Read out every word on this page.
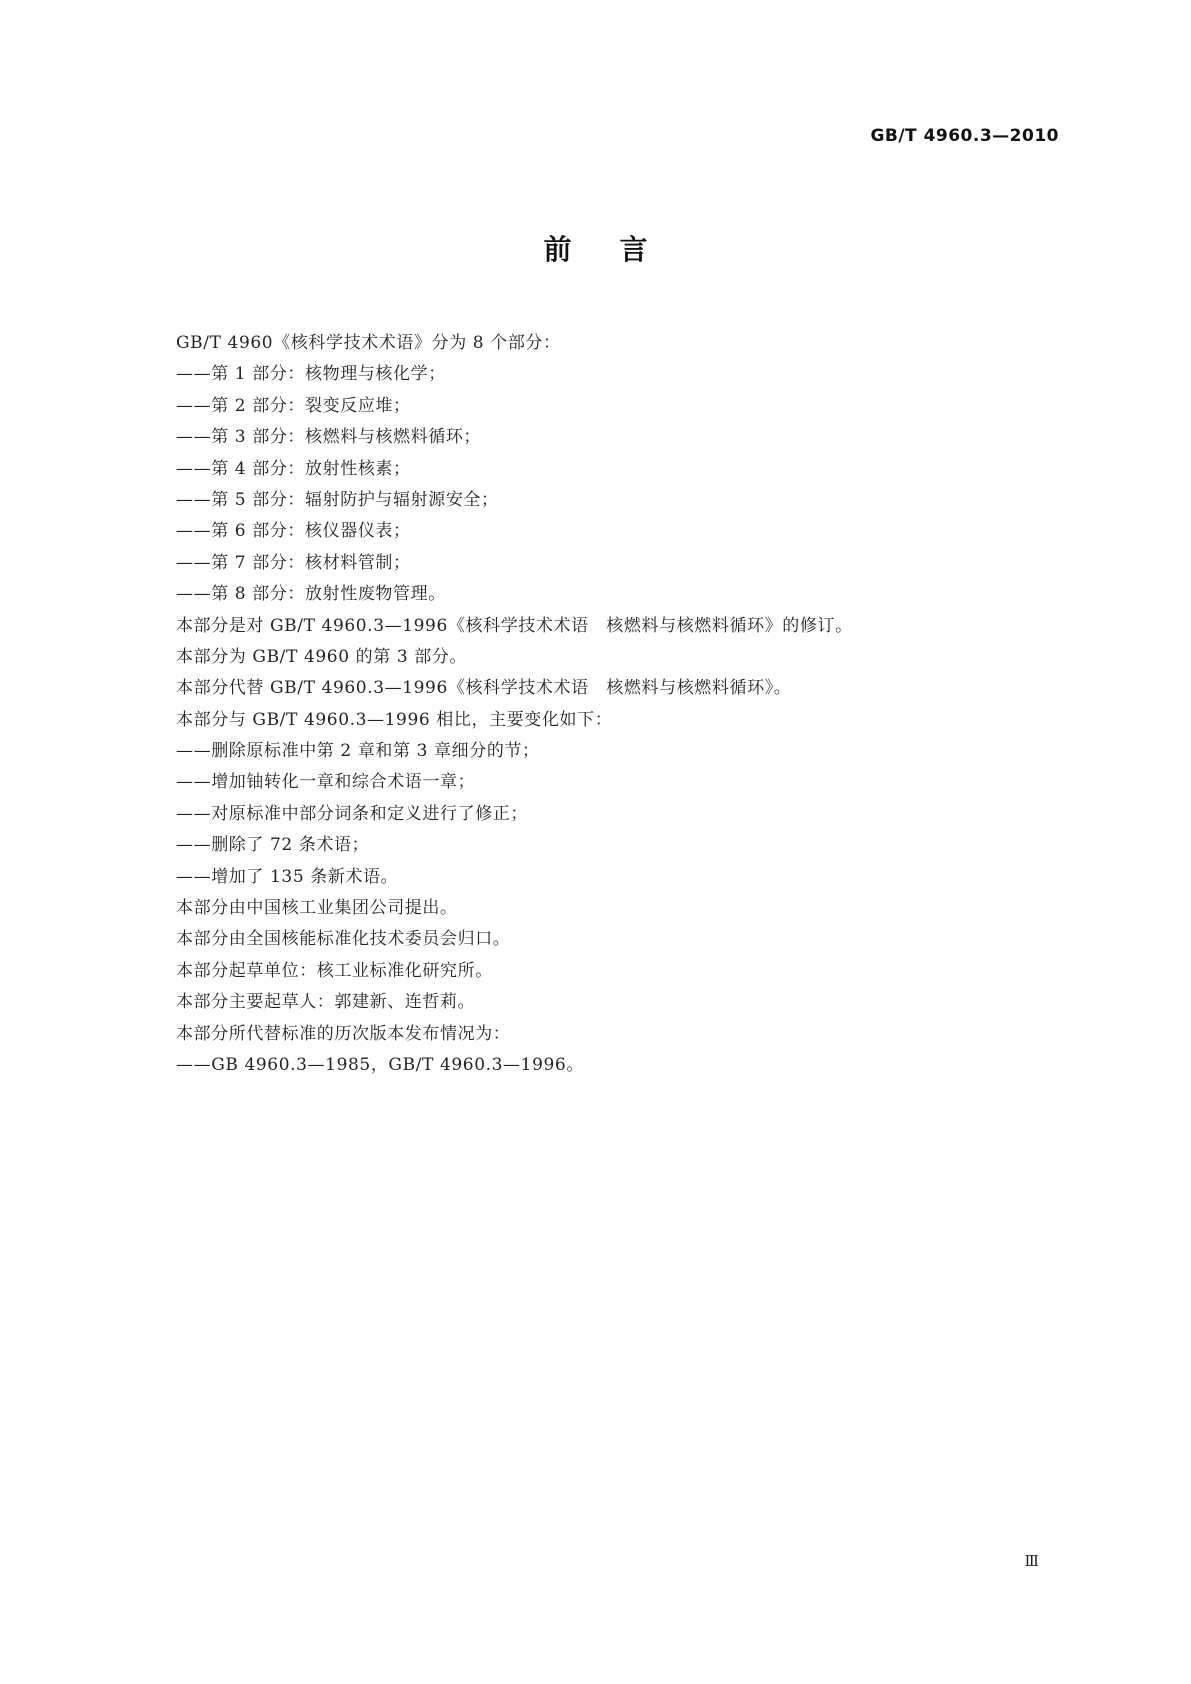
GB/T 4960.3—2010
前言
GB/T 4960《核科学技术术语》分为 8 个部分：
——第 1 部分：核物理与核化学；
——第 2 部分：裂变反应堆；
——第 3 部分：核燃料与核燃料循环；
——第 4 部分：放射性核素；
——第 5 部分：辐射防护与辐射源安全；
——第 6 部分：核仪器仪表；
——第 7 部分：核材料管制；
——第 8 部分：放射性废物管理。
本部分是对 GB/T 4960.3—1996《核科学技术术语　核燃料与核燃料循环》的修订。
本部分为 GB/T 4960 的第 3 部分。
本部分代替 GB/T 4960.3—1996《核科学技术术语　核燃料与核燃料循环》。
本部分与 GB/T 4960.3—1996 相比，主要变化如下：
——删除原标准中第 2 章和第 3 章细分的节；
——增加铀转化一章和综合术语一章；
——对原标准中部分词条和定义进行了修正；
——删除了 72 条术语；
——增加了 135 条新术语。
本部分由中国核工业集团公司提出。
本部分由全国核能标准化技术委员会归口。
本部分起草单位：核工业标准化研究所。
本部分主要起草人：郭建新、连哲莉。
本部分所代替标准的历次版本发布情况为：
——GB 4960.3—1985，GB/T 4960.3—1996。
Ⅲ
